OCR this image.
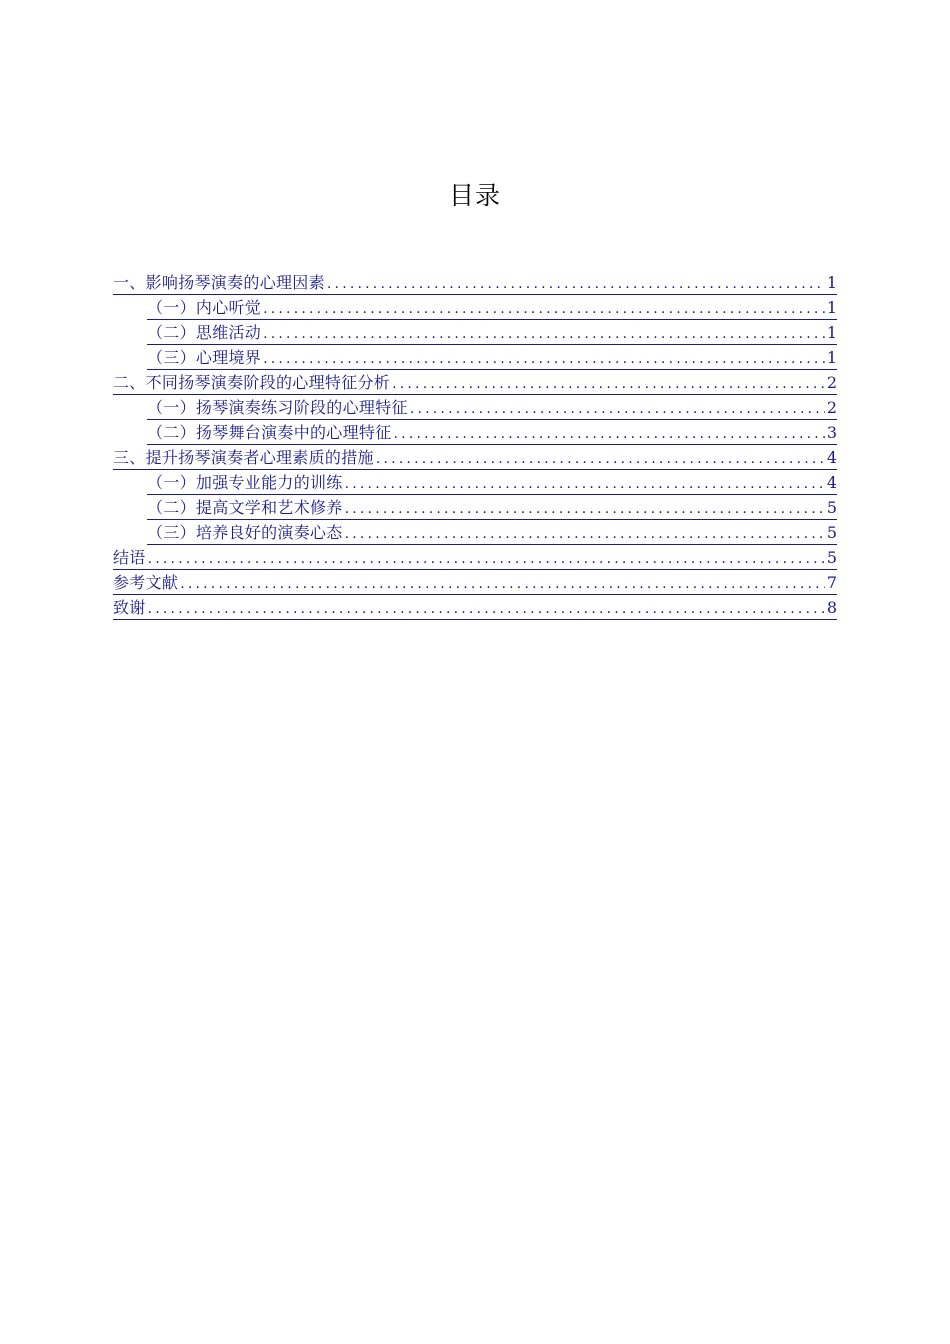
目录
一、影响扬琴演奏的心理因素 .....	1
（一）内心听觉 .....	1
（二）思维活动 .....	1
（三）心理境界 .....	1
二、不同扬琴演奏阶段的心理特征分析 .....	2
（一）扬琴演奏练习阶段的心理特征 .....	2
（二）扬琴舞台演奏中的心理特征 .....	3
三、提升扬琴演奏者心理素质的措施 .....	4
（一）加强专业能力的训练 .....	4
（二）提高文学和艺术修养 .....	5
（三）培养良好的演奏心态 .....	5
结语 .....	5
参考文献 .....	7
致谢 .....	8
